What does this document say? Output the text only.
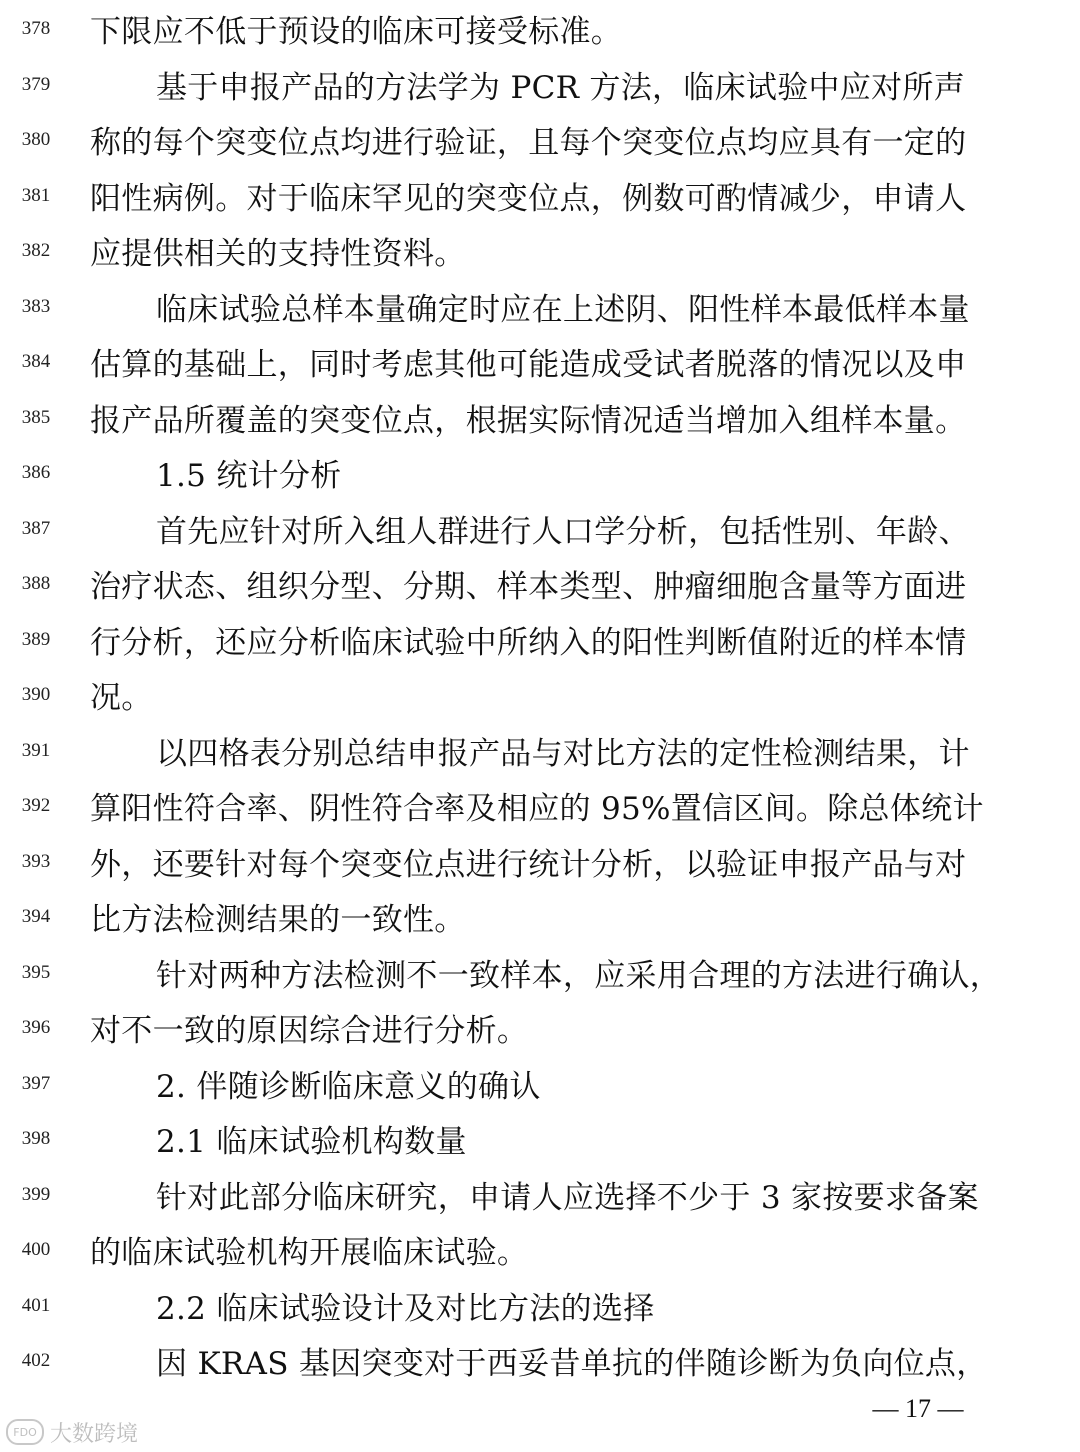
378 下限应不低于预设的临床可接受标准。
379	基于申报产品的方法学为 PCR 方法，临床试验中应对所声
380 称的每个突变位点均进行验证，且每个突变位点均应具有一定的
381 阳性病例。对于临床罕见的突变位点，例数可酌情减少，申请人
382 应提供相关的支持性资料。
383	临床试验总样本量确定时应在上述阴、阳性样本最低样本量
384 估算的基础上，同时考虑其他可能造成受试者脱落的情况以及申
385 报产品所覆盖的突变位点，根据实际情况适当增加入组样本量。
386	1.5 统计分析
387	首先应针对所入组人群进行人口学分析，包括性别、年龄、
388 治疗状态、组织分型、分期、样本类型、肿瘤细胞含量等方面进
389 行分析，还应分析临床试验中所纳入的阳性判断值附近的样本情
390 况。
391	以四格表分别总结申报产品与对比方法的定性检测结果，计
392 算阳性符合率、阴性符合率及相应的 95%置信区间。除总体统计
393 外，还要针对每个突变位点进行统计分析，以验证申报产品与对
394 比方法检测结果的一致性。
395	针对两种方法检测不一致样本，应采用合理的方法进行确认，
396 对不一致的原因综合进行分析。
397	2. 伴随诊断临床意义的确认
398	2.1 临床试验机构数量
399	针对此部分临床研究，申请人应选择不少于 3 家按要求备案
400 的临床试验机构开展临床试验。
401	2.2 临床试验设计及对比方法的选择
402	因 KRAS 基因突变对于西妥昔单抗的伴随诊断为负向位点，
— 17 —
FDO 大数跨境
